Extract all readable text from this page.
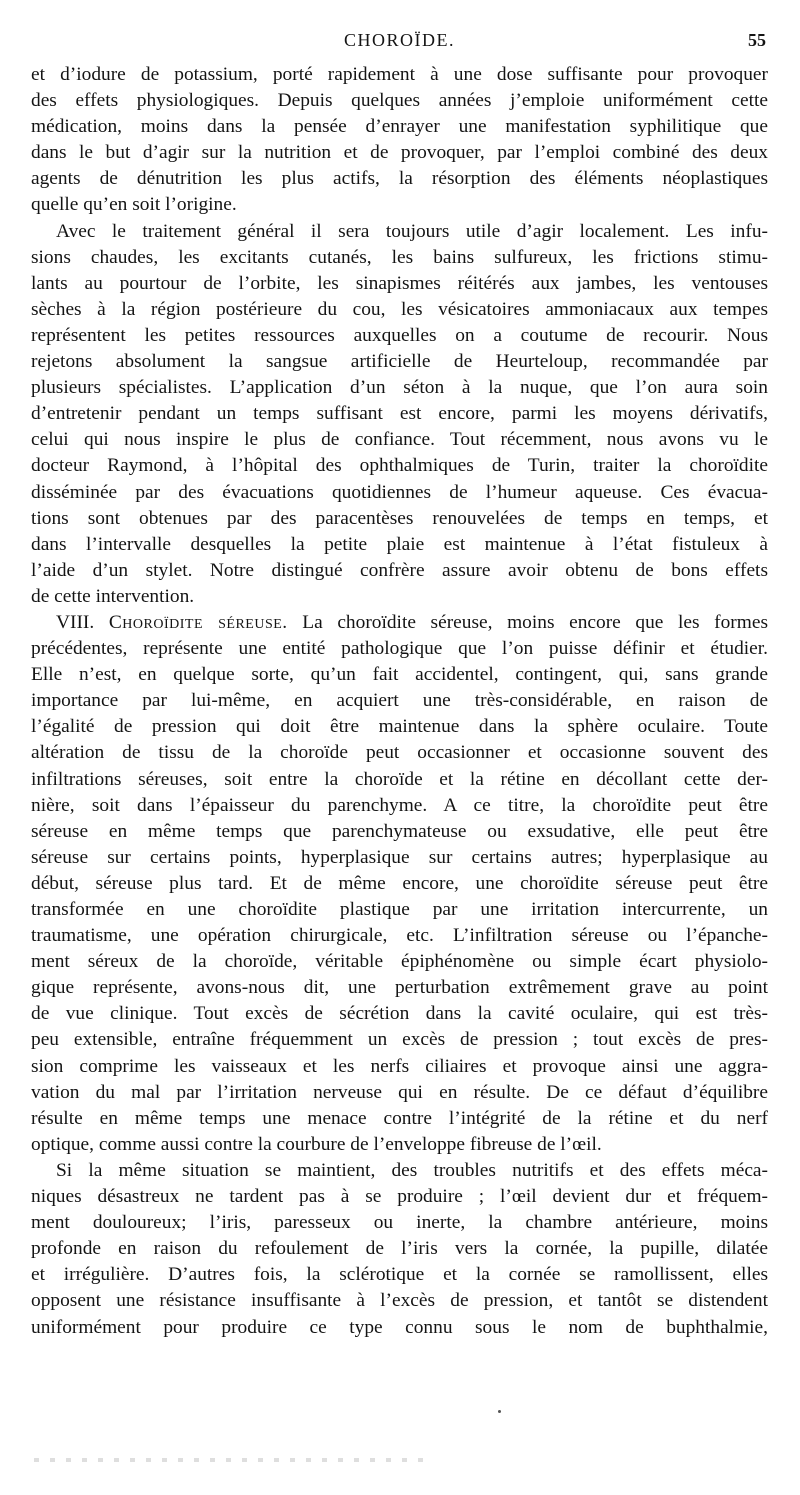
CHOROÏDE.	55

et d’iodure de potassium, porté rapidement à une dose suffisante pour provoquer
des effets physiologiques. Depuis quelques années j’emploie uniformément cette
médication, moins dans la pensée d’enrayer une manifestation syphilitique que
dans le but d’agir sur la nutrition et de provoquer, par l’emploi combiné des deux
agents de dénutrition les plus actifs, la résorption des éléments néoplastiques
quelle qu’en soit l’origine.

Avec le traitement général il sera toujours utile d’agir localement. Les infu-
sions chaudes, les excitants cutanés, les bains sulfureux, les frictions stimu-
lants au pourtour de l’orbite, les sinapismes réitérés aux jambes, les ventouses
sèches à la région postérieure du cou, les vésicatoires ammoniacaux aux tempes
représentent les petites ressources auxquelles on a coutume de recourir. Nous
rejetons absolument la sangsue artificielle de Heurteloup, recommandée par
plusieurs spécialistes. L’application d’un séton à la nuque, que l’on aura soin
d’entretenir pendant un temps suffisant est encore, parmi les moyens dérivatifs,
celui qui nous inspire le plus de confiance. Tout récemment, nous avons vu le
docteur Raymond, à l’hôpital des ophthalmiques de Turin, traiter la choroïdite
disséminée par des évacuations quotidiennes de l’humeur aqueuse. Ces évacua-
tions sont obtenues par des paracentèses renouvelées de temps en temps, et
dans l’intervalle desquelles la petite plaie est maintenue à l’état fistuleux à
l’aide d’un stylet. Notre distingué confrère assure avoir obtenu de bons effets
de cette intervention.

VIII. Choroïdite séreuse. La choroïdite séreuse, moins encore que les formes
précédentes, représente une entité pathologique que l’on puisse définir et étudier.
Elle n’est, en quelque sorte, qu’un fait accidentel, contingent, qui, sans grande
importance par lui-même, en acquiert une très-considérable, en raison de
l’égalité de pression qui doit être maintenue dans la sphère oculaire. Toute
altération de tissu de la choroïde peut occasionner et occasionne souvent des
infiltrations séreuses, soit entre la choroïde et la rétine en décollant cette der-
nière, soit dans l’épaisseur du parenchyme. A ce titre, la choroïdite peut être
séreuse en même temps que parenchymateuse ou exsudative, elle peut être
séreuse sur certains points, hyperplasique sur certains autres; hyperplasique au
début, séreuse plus tard. Et de même encore, une choroïdite séreuse peut être
transformée en une choroïdite plastique par une irritation intercurrente, un
traumatisme, une opération chirurgicale, etc. L’infiltration séreuse ou l’épanche-
ment séreux de la choroïde, véritable épiphénomène ou simple écart physiolo-
gique représente, avons-nous dit, une perturbation extrêmement grave au point
de vue clinique. Tout excès de sécrétion dans la cavité oculaire, qui est très-
peu extensible, entraîne fréquemment un excès de pression ; tout excès de pres-
sion comprime les vaisseaux et les nerfs ciliaires et provoque ainsi une aggra-
vation du mal par l’irritation nerveuse qui en résulte. De ce défaut d’équilibre
résulte en même temps une menace contre l’intégrité de la rétine et du nerf
optique, comme aussi contre la courbure de l’enveloppe fibreuse de l’œil.

Si la même situation se maintient, des troubles nutritifs et des effets méca-
niques désastreux ne tardent pas à se produire ; l’œil devient dur et fréquem-
ment douloureux; l’iris, paresseux ou inerte, la chambre antérieure, moins
profonde en raison du refoulement de l’iris vers la cornée, la pupille, dilatée
et irrégulière. D’autres fois, la sclérotique et la cornée se ramollissent, elles
opposent une résistance insuffisante à l’excès de pression, et tantôt se distendent
uniformément pour produire ce type connu sous le nom de buphthalmie,
